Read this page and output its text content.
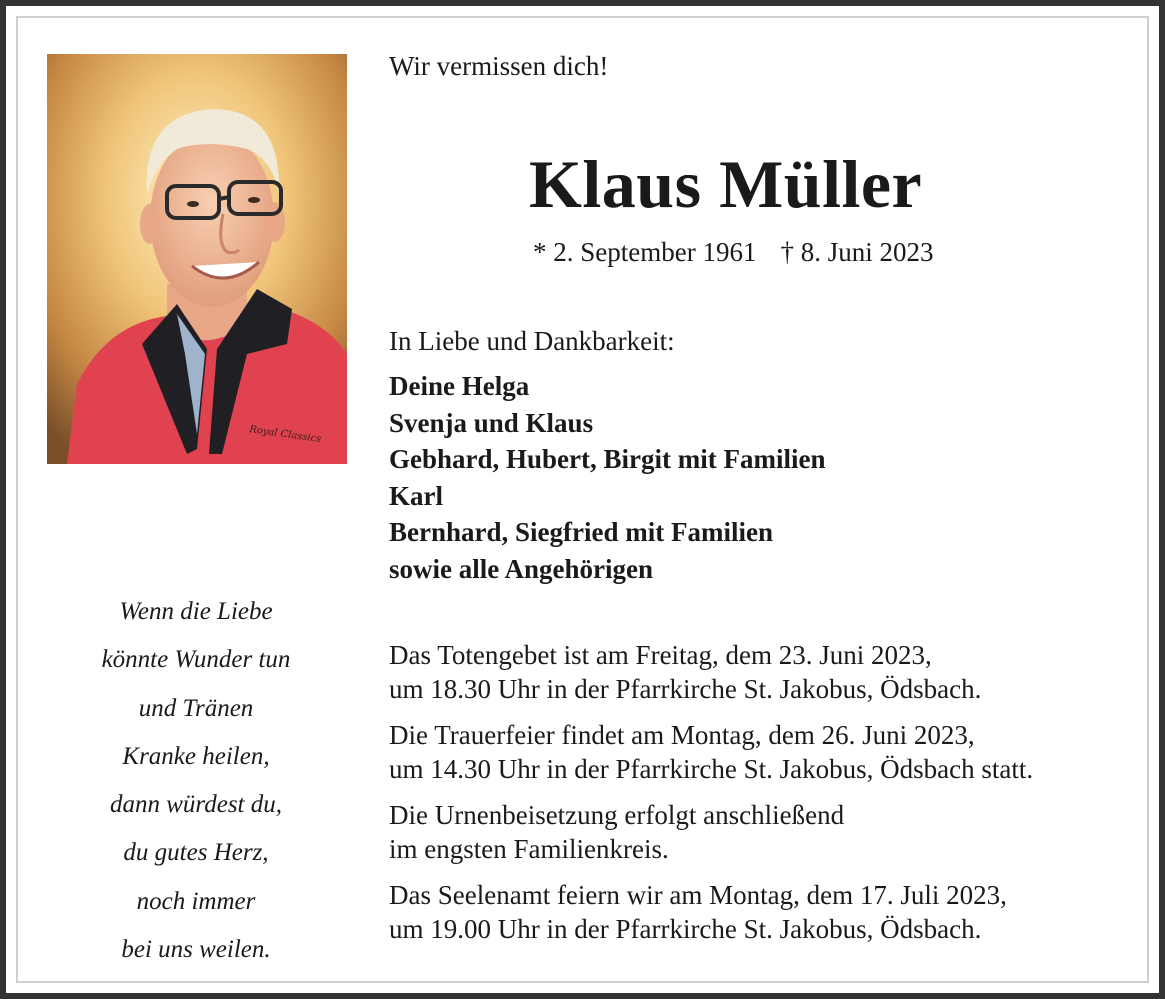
Royal Classics
Wir vermissen dich!
Klaus Müller
* 2. September 1961 † 8. Juni 2023
In Liebe und Dankbarkeit:
Deine Helga
Svenja und Klaus
Gebhard, Hubert, Birgit mit Familien
Karl
Bernhard, Siegfried mit Familien
sowie alle Angehörigen
Das Totengebet ist am Freitag, dem 23. Juni 2023,
um 18.30 Uhr in der Pfarrkirche St. Jakobus, Ödsbach.
Die Trauerfeier findet am Montag, dem 26. Juni 2023,
um 14.30 Uhr in der Pfarrkirche St. Jakobus, Ödsbach statt.
Die Urnenbeisetzung erfolgt anschließend
im engsten Familienkreis.
Das Seelenamt feiern wir am Montag, dem 17. Juli 2023,
um 19.00 Uhr in der Pfarrkirche St. Jakobus, Ödsbach.
Wenn die Liebe
könnte Wunder tun
und Tränen
Kranke heilen,
dann würdest du,
du gutes Herz,
noch immer
bei uns weilen.
